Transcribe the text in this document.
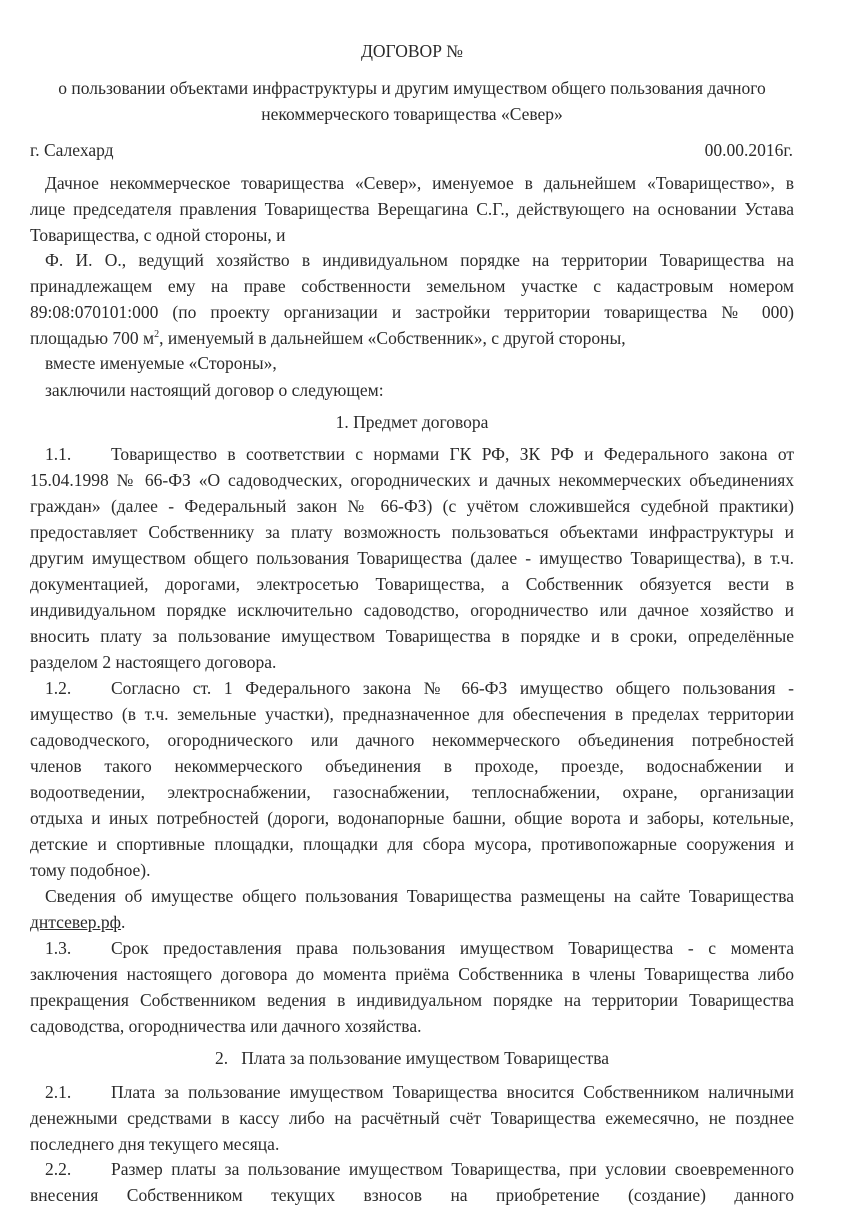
ДОГОВОР №
о пользовании объектами инфраструктуры и другим имуществом общего пользования дачного
некоммерческого товарищества «Север»
г. Салехард	00.00.2016г.
Дачное некоммерческое товарищества «Север», именуемое в дальнейшем «Товарищество», в
лице председателя правления Товарищества Верещагина С.Г., действующего на основании Устава
Товарищества, с одной стороны, и
Ф. И. О., ведущий хозяйство в индивидуальном порядке на территории Товарищества на
принадлежащем ему на праве собственности земельном участке с кадастровым номером
89:08:070101:000 (по проекту организации и застройки территории товарищества № 000)
площадью 700 $м^2$, именуемый в дальнейшем «Собственник», с другой стороны,
вместе именуемые «Стороны»,
заключили настоящий договор о следующем:
1. Предмет договора
1.1. Товарищество в соответствии с нормами ГК РФ, ЗК РФ и Федерального закона от
15.04.1998 № 66-ФЗ «О садоводческих, огороднических и дачных некоммерческих объединениях
граждан» (далее - Федеральный закон № 66-ФЗ) (с учётом сложившейся судебной практики)
предоставляет Собственнику за плату возможность пользоваться объектами инфраструктуры и
другим имуществом общего пользования Товарищества (далее - имущество Товарищества), в т.ч.
документацией, дорогами, электросетью Товарищества, а Собственник обязуется вести в
индивидуальном порядке исключительно садоводство, огородничество или дачное хозяйство и
вносить плату за пользование имуществом Товарищества в порядке и в сроки, определённые
разделом 2 настоящего договора.
1.2. Согласно ст. 1 Федерального закона № 66-ФЗ имущество общего пользования -
имущество (в т.ч. земельные участки), предназначенное для обеспечения в пределах территории
садоводческого, огороднического или дачного некоммерческого объединения потребностей
членов такого некоммерческого объединения в проходе, проезде, водоснабжении и
водоотведении, электроснабжении, газоснабжении, теплоснабжении, охране, организации
отдыха и иных потребностей (дороги, водонапорные башни, общие ворота и заборы, котельные,
детские и спортивные площадки, площадки для сбора мусора, противопожарные сооружения и
тому подобное).
Сведения об имуществе общего пользования Товарищества размещены на сайте Товарищества
днтсевер.рф.
1.3. Срок предоставления права пользования имуществом Товарищества - с момента
заключения настоящего договора до момента приёма Собственника в члены Товарищества либо
прекращения Собственником ведения в индивидуальном порядке на территории Товарищества
садоводства, огородничества или дачного хозяйства.
2.   Плата за пользование имуществом Товарищества
2.1. Плата за пользование имуществом Товарищества вносится Собственником наличными
денежными средствами в кассу либо на расчётный счёт Товарищества ежемесячно, не позднее
последнего дня текущего месяца.
2.2. Размер платы за пользование имуществом Товарищества, при условии своевременного
внесения Собственником текущих взносов на приобретение (создание) данного
